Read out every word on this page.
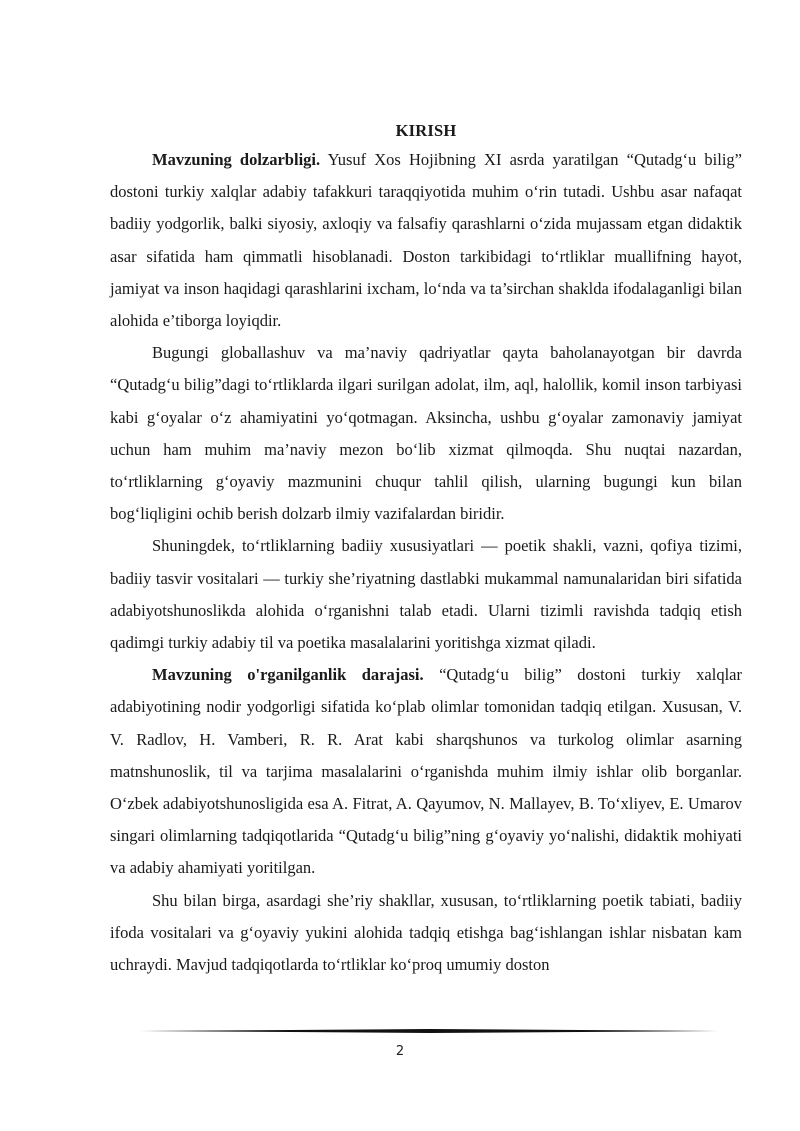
KIRISH

Mavzuning dolzarbligi. Yusuf Xos Hojibning XI asrda yaratilgan “Qutadg‘u bilig” dostoni turkiy xalqlar adabiy tafakkuri taraqqiyotida muhim o‘rin tutadi. Ushbu asar nafaqat badiiy yodgorlik, balki siyosiy, axloqiy va falsafiy qarashlarni o‘zida mujassam etgan didaktik asar sifatida ham qimmatli hisoblanadi. Doston tarkibidagi to‘rtliklar muallifning hayot, jamiyat va inson haqidagi qarashlarini ixcham, lo‘nda va ta’sirchan shaklda ifodalaganligi bilan alohida e’tiborga loyiqdir.

Bugungi globallashuv va ma’naviy qadriyatlar qayta baholanayotgan bir davrda “Qutadg‘u bilig”dagi to‘rtliklarda ilgari surilgan adolat, ilm, aql, halollik, komil inson tarbiyasi kabi g‘oyalar o‘z ahamiyatini yo‘qotmagan. Aksincha, ushbu g‘oyalar zamonaviy jamiyat uchun ham muhim ma’naviy mezon bo‘lib xizmat qilmoqda. Shu nuqtai nazardan, to‘rtliklarning g‘oyaviy mazmunini chuqur tahlil qilish, ularning bugungi kun bilan bog‘liqligini ochib berish dolzarb ilmiy vazifalardan biridir.

Shuningdek, to‘rtliklarning badiiy xususiyatlari — poetik shakli, vazni, qofiya tizimi, badiiy tasvir vositalari — turkiy she’riyatning dastlabki mukammal namunalaridan biri sifatida adabiyotshunoslikda alohida o‘rganishni talab etadi. Ularni tizimli ravishda tadqiq etish qadimgi turkiy adabiy til va poetika masalalarini yoritishga xizmat qiladi.

Mavzuning o'rganilganlik darajasi. “Qutadg‘u bilig” dostoni turkiy xalqlar adabiyotining nodir yodgorligi sifatida ko‘plab olimlar tomonidan tadqiq etilgan. Xususan, V. V. Radlov, H. Vamberi, R. R. Arat kabi sharqshunos va turkolog olimlar asarning matnshunoslik, til va tarjima masalalarini o‘rganishda muhim ilmiy ishlar olib borganlar. O‘zbek adabiyotshunosligida esa A. Fitrat, A. Qayumov, N. Mallayev, B. To‘xliyev, E. Umarov singari olimlarning tadqiqotlarida “Qutadg‘u bilig”ning g‘oyaviy yo‘nalishi, didaktik mohiyati va adabiy ahamiyati yoritilgan.

Shu bilan birga, asardagi she’riy shakllar, xususan, to‘rtliklarning poetik tabiati, badiiy ifoda vositalari va g‘oyaviy yukini alohida tadqiq etishga bag‘ishlangan ishlar nisbatan kam uchraydi. Mavjud tadqiqotlarda to‘rtliklar ko‘proq umumiy doston

2
